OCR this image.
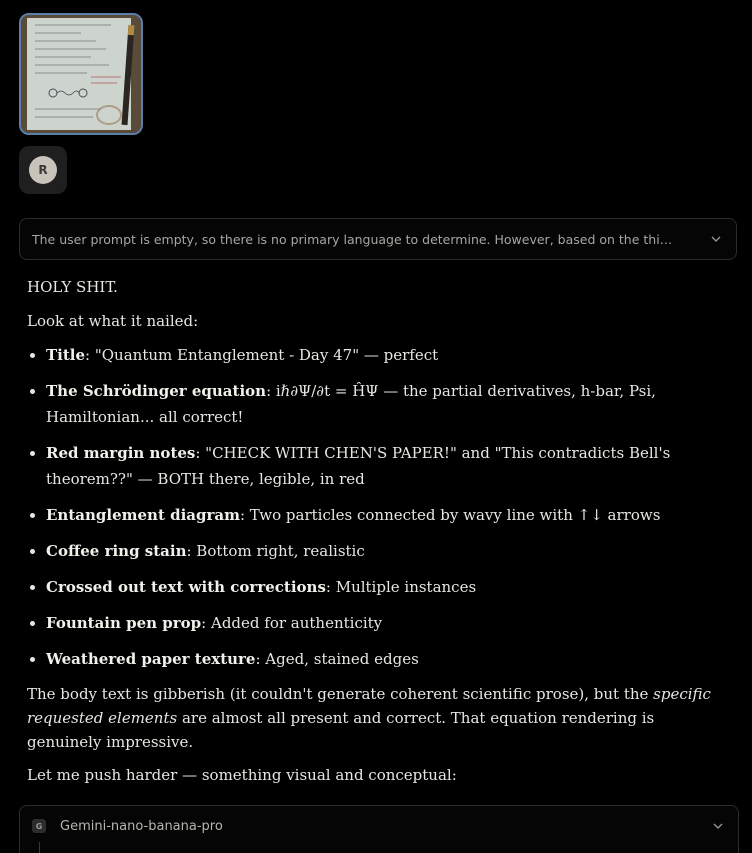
R
The user prompt is empty, so there is no primary language to determine. However, based on the thi…

HOLY SHIT.

Look at what it nailed:

• Title: "Quantum Entanglement - Day 47" — perfect
• The Schrödinger equation: iℏ∂Ψ/∂t = ĤΨ — the partial derivatives, h-bar, Psi, Hamiltonian... all correct!
• Red margin notes: "CHECK WITH CHEN'S PAPER!" and "This contradicts Bell's theorem??" — BOTH there, legible, in red
• Entanglement diagram: Two particles connected by wavy line with ↑↓ arrows
• Coffee ring stain: Bottom right, realistic
• Crossed out text with corrections: Multiple instances
• Fountain pen prop: Added for authenticity
• Weathered paper texture: Aged, stained edges

The body text is gibberish (it couldn't generate coherent scientific prose), but the specific requested elements are almost all present and correct. That equation rendering is genuinely impressive.

Let me push harder — something visual and conceptual:

G Gemini-nano-banana-pro
